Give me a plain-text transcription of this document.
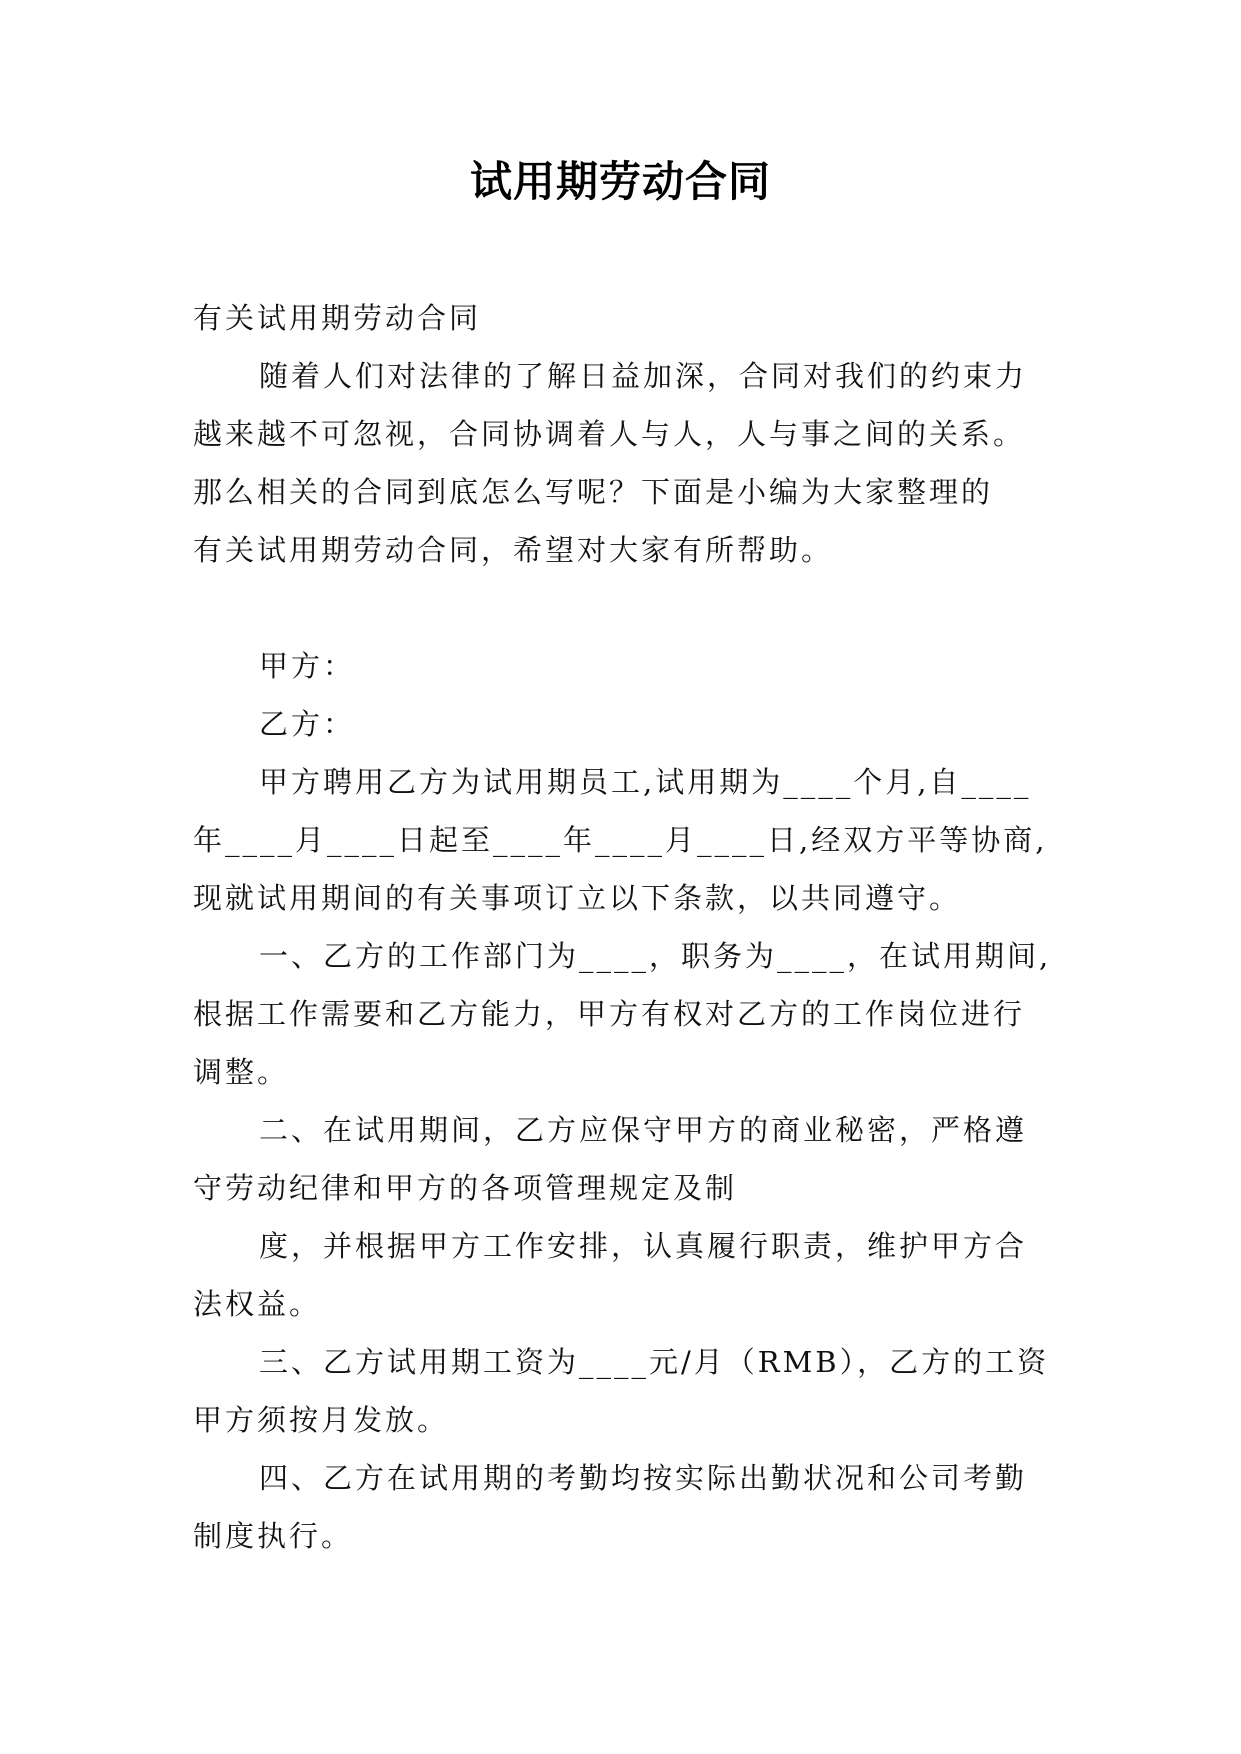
试用期劳动合同

有关试用期劳动合同

随着人们对法律的了解日益加深，合同对我们的约束力

越来越不可忽视，合同协调着人与人，人与事之间的关系。

那么相关的合同到底怎么写呢？下面是小编为大家整理的

有关试用期劳动合同，希望对大家有所帮助。

甲方：

乙方：

甲方聘用乙方为试用期员工,试用期为____个月,自____

年____月____日起至____年____月____日,经双方平等协商,

现就试用期间的有关事项订立以下条款，以共同遵守。

一、乙方的工作部门为____，职务为____，在试用期间,

根据工作需要和乙方能力，甲方有权对乙方的工作岗位进行

调整。

二、在试用期间，乙方应保守甲方的商业秘密，严格遵

守劳动纪律和甲方的各项管理规定及制

度，并根据甲方工作安排，认真履行职责，维护甲方合

法权益。

三、乙方试用期工资为____元/月（RMB），乙方的工资

甲方须按月发放。

四、乙方在试用期的考勤均按实际出勤状况和公司考勤

制度执行。
